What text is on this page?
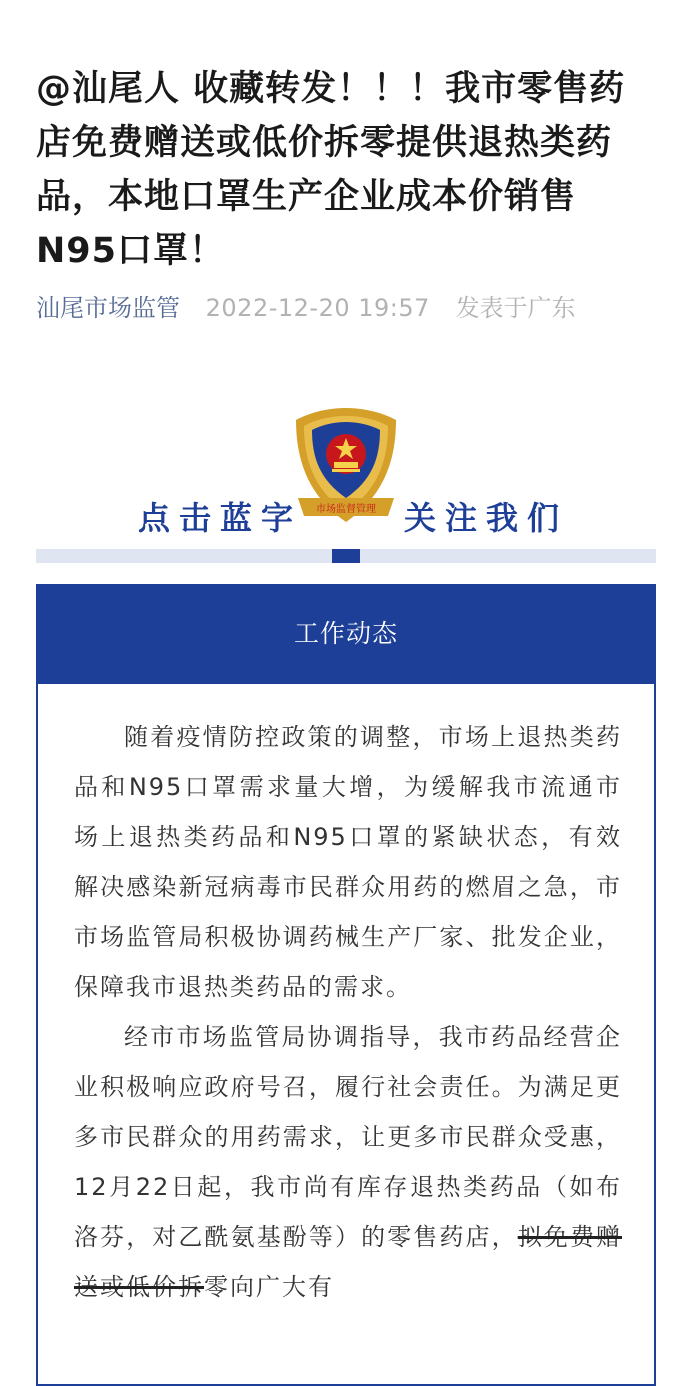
@汕尾人 收藏转发！！！我市零售药店免费赠送或低价拆零提供退热类药品，本地口罩生产企业成本价销售N95口罩！
汕尾市场监管 2022-12-20 19:57 发表于广东
点击蓝字 市场监督管理 关注我们
工作动态

随着疫情防控政策的调整，市场上退热类药品和N95口罩需求量大增，为缓解我市流通市场上退热类药品和N95口罩的紧缺状态，有效解决感染新冠病毒市民群众用药的燃眉之急，市市场监管局积极协调药械生产厂家、批发企业，保障我市退热类药品的需求。

经市市场监管局协调指导，我市药品经营企业积极响应政府号召，履行社会责任。为满足更多市民群众的用药需求，让更多市民群众受惠，12月22日起，我市尚有库存退热类药品（如布洛芬，对乙酰氨基酚等）的零售药店，拟免费赠送或低价拆零向广大有
